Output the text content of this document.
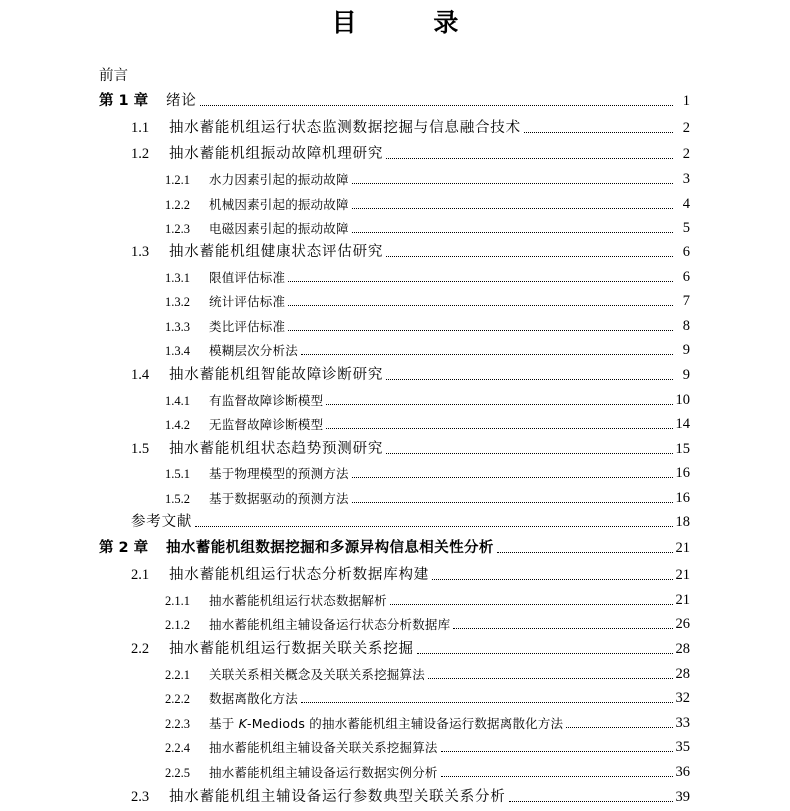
目 录
前言
第 1 章	绪论	1
1.1	抽水蓄能机组运行状态监测数据挖掘与信息融合技术	2
1.2	抽水蓄能机组振动故障机理研究	2
1.2.1	水力因素引起的振动故障	3
1.2.2	机械因素引起的振动故障	4
1.2.3	电磁因素引起的振动故障	5
1.3	抽水蓄能机组健康状态评估研究	6
1.3.1	限值评估标准	6
1.3.2	统计评估标准	7
1.3.3	类比评估标准	8
1.3.4	模糊层次分析法	9
1.4	抽水蓄能机组智能故障诊断研究	9
1.4.1	有监督故障诊断模型	10
1.4.2	无监督故障诊断模型	14
1.5	抽水蓄能机组状态趋势预测研究	15
1.5.1	基于物理模型的预测方法	16
1.5.2	基于数据驱动的预测方法	16
参考文献	18
第 2 章	抽水蓄能机组数据挖掘和多源异构信息相关性分析	21
2.1	抽水蓄能机组运行状态分析数据库构建	21
2.1.1	抽水蓄能机组运行状态数据解析	21
2.1.2	抽水蓄能机组主辅设备运行状态分析数据库	26
2.2	抽水蓄能机组运行数据关联关系挖掘	28
2.2.1	关联关系相关概念及关联关系挖掘算法	28
2.2.2	数据离散化方法	32
2.2.3	基于 K-Mediods 的抽水蓄能机组主辅设备运行数据离散化方法	33
2.2.4	抽水蓄能机组主辅设备关联关系挖掘算法	35
2.2.5	抽水蓄能机组主辅设备运行数据实例分析	36
2.3	抽水蓄能机组主辅设备运行参数典型关联关系分析	39
